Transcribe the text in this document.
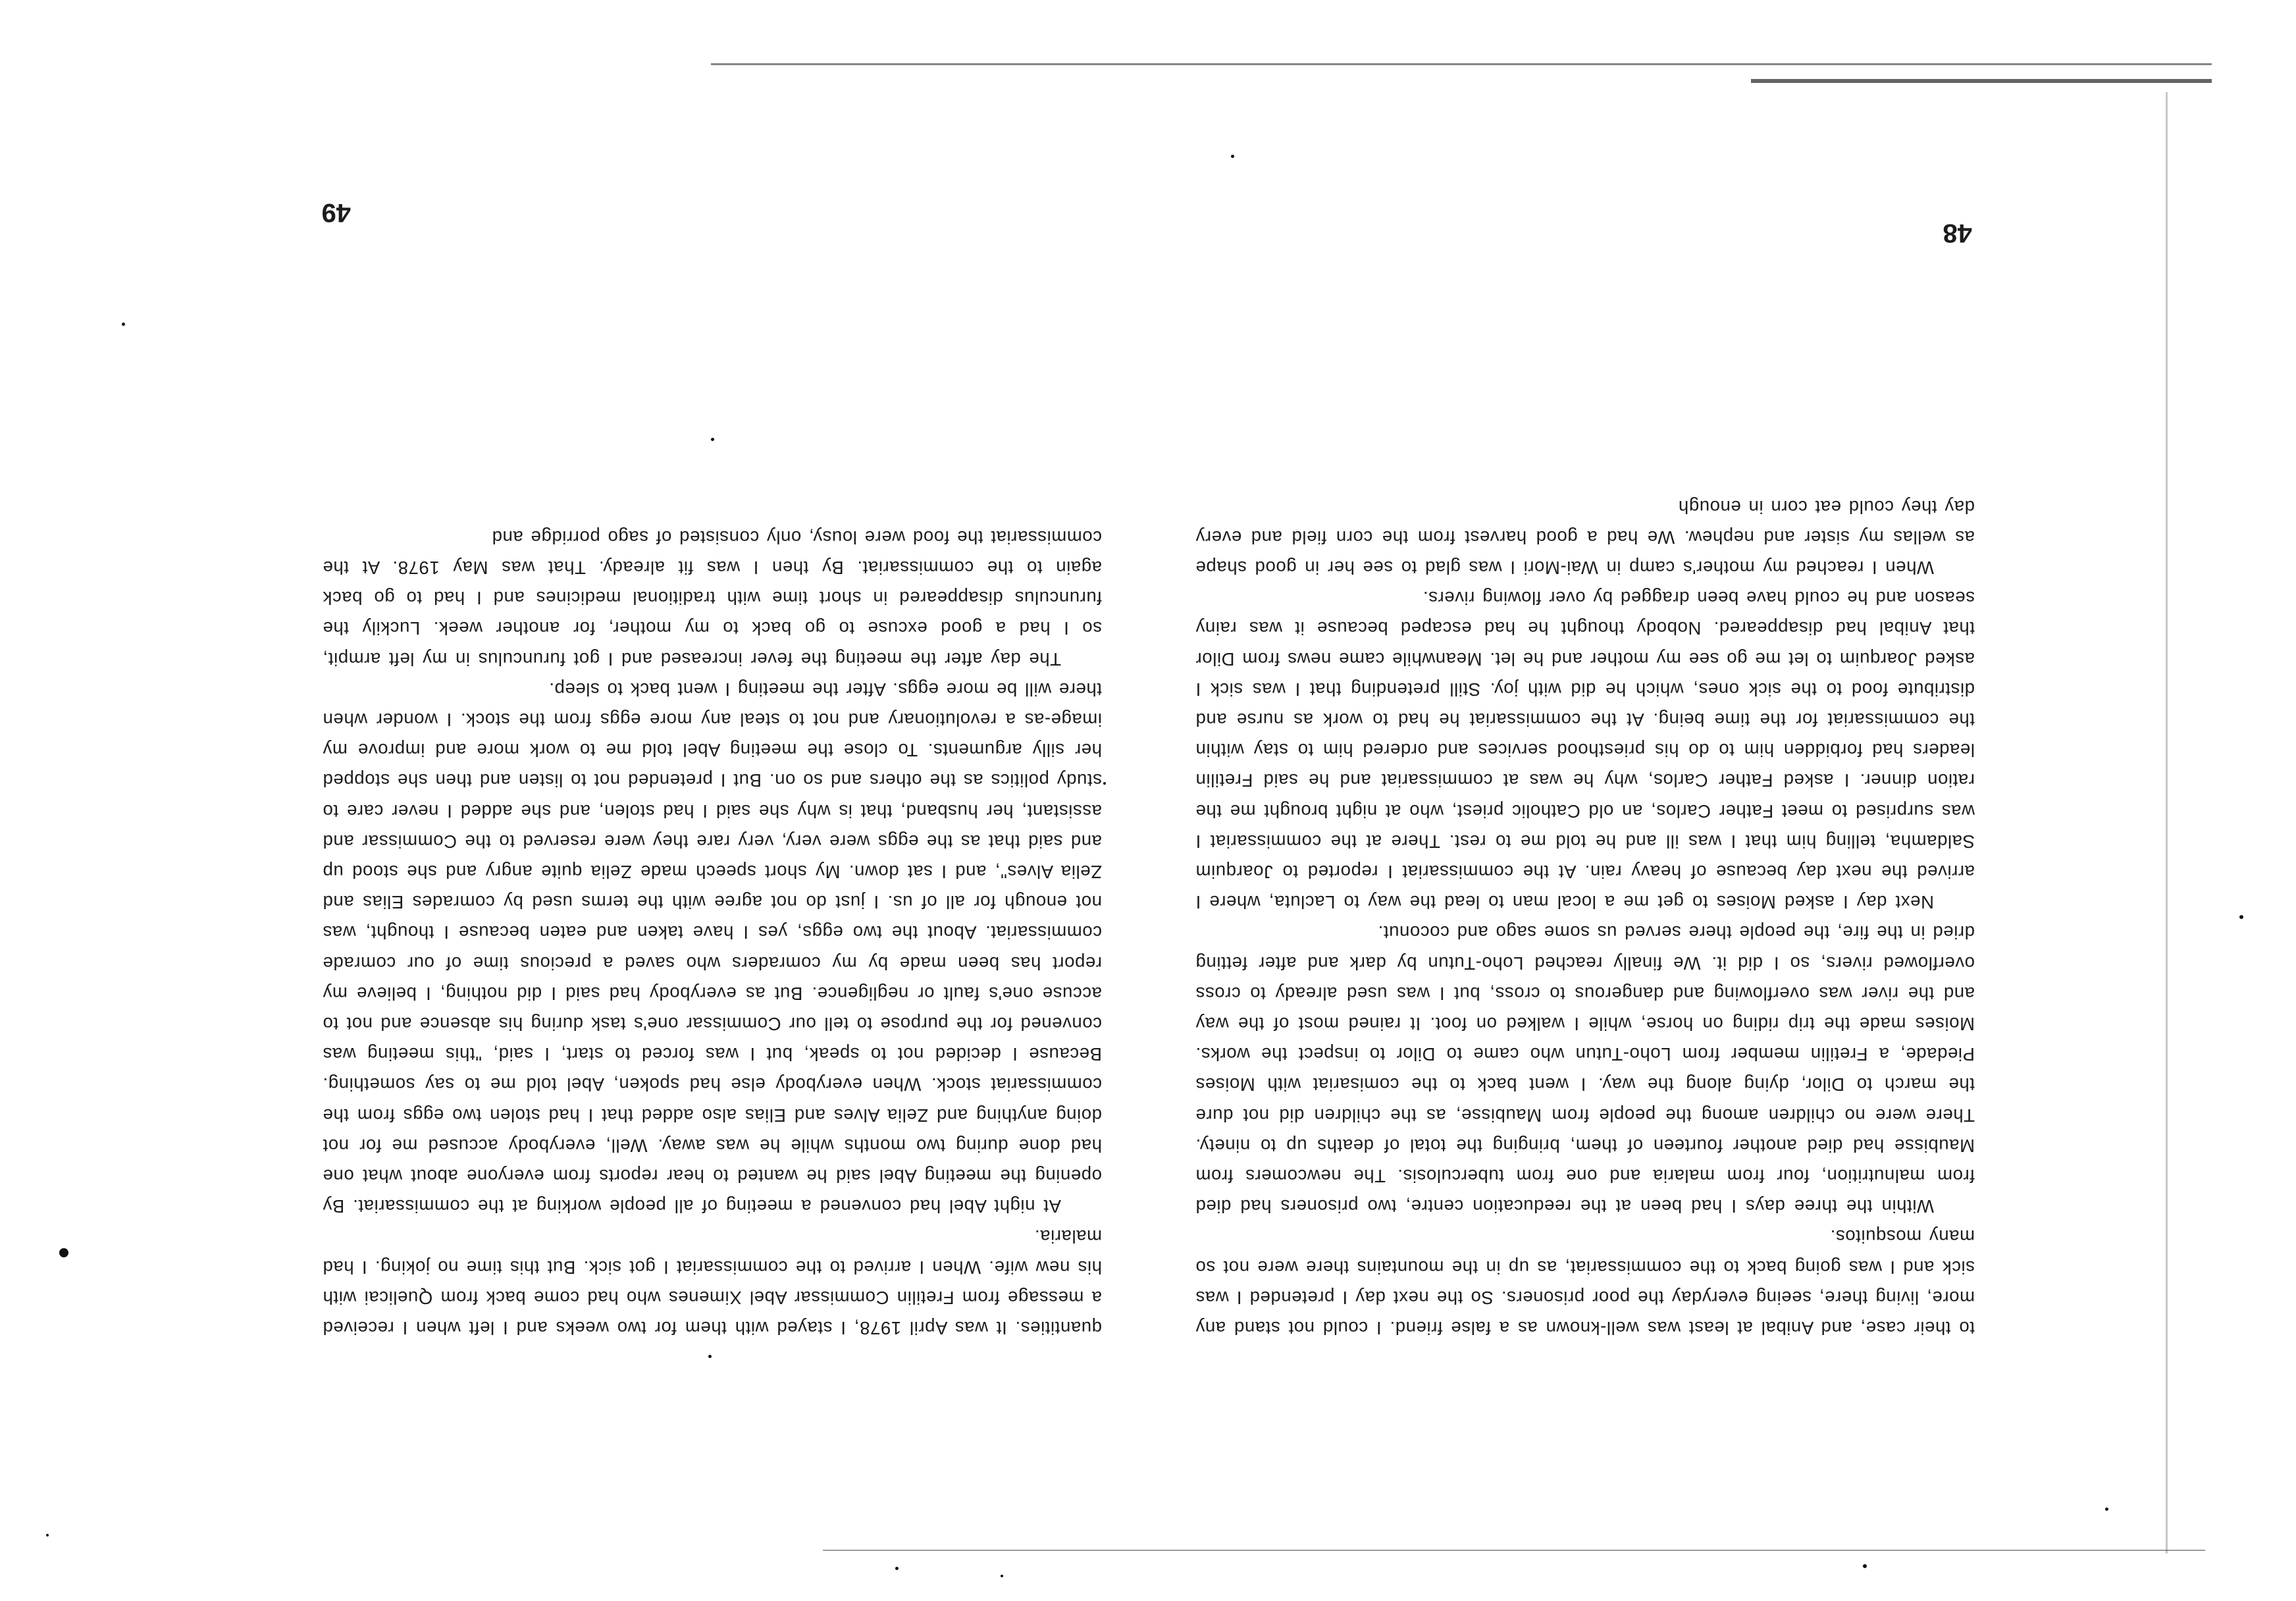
to their case, and Anibal at least was well-known as a false friend. I could not stand any more, living there, seeing everyday the poor prisoners. So the next day I pretended I was sick and I was going back to the commissariat, as up in the mountains there were not so many mosquitos.

Within the three days I had been at the reeducation centre, two prisoners had died from malnutrition, four from malaria and one from tuberculosis. The newcomers from Maubisse had died another fourteen of them, bringing the total of deaths up to ninety. There were no children among the people from Maubisse, as the children did not dure the march to Dilor, dying along the way. I went back to the comisariat with Moises Piedade, a Fretilin member from Loho-Tutun who came to Dilor to inspect the works. Moises made the trip riding on horse, while I walked on foot. It rained most of the way and the river was overflowing and dangerous to cross, but I was used already to cross overflowed rivers, so I did it. We finally reached Loho-Tutun by dark and after fetting dried in the fire, the people there served us some sago and coconut.

Next day I asked Moises to get me a local man to lead the way to Lacluta, where I arrived the next day because of heavy rain. At the commissariat I reported to Joarquim Saldamha, telling him that I was ill and he told me to rest. There at the commissariat I was surprised to meet Father Carlos, an old Catholic priest, who at night brought me the ration dinner. I asked Father Carlos, why he was at commissariat and he said Fretilin leaders had forbidden him to do his priesthood services and ordered him to stay within the commissariat for the time being. At the commissariat he had to work as nurse and distribute food to the sick ones, which he did with joy. Still pretending that I was sick I asked Joarquim to let me go see my mother and he let. Meanwhile came news from Dilor that Anibal had disappeared. Nobody thought he had escaped because it was rainy season and he could have been dragged by over flowing rivers.

When I reached my mother's camp in Wai-Mori I was glad to see her in good shape as wellas my sister and nephew. We had a good harvest from the corn field and every day they could eat corn in enough

48

quantities. It was April 1978, I stayed with them for two weeks and I left when I received a message from Fretilin Commissar Abel Ximenes who had come back from Quelicai with his new wife. When I arrived to the commissariat I got sick. But this time no joking. I had malaria.

At night Abel had convened a meeting of all people working at the commissariat. By opening the meeting Abel said he wanted to hear reports from everyone about what one had done during two months while he was away. Well, everybody accused me for not doing anything and Zelia Alves and Elias also added that I had stolen two eggs from the commissariat stock. When everybody else had spoken, Abel told me to say something. Because I decided not to speak, but I was forced to start, I said, "this meeting was convened for the purpose to tell our Commissar one's task during his absence and not to accuse one's fault or negligence. But as everybody had said I did nothing, I believe my report has been made by my comraders who saved a precious time of our comrade commissariat. About the two eggs, yes I have taken and eaten because I thought, was not enough for all of us. I just do not agree with the terms used by comrades Elias and Zelia Alves", and I sat down. My short speech made Zelia quite angry and she stood up and said that as the eggs were very, very rare they were reserved to the Commissar and assistant, her husband, that is why she said I had stolen, and she added I never care to study politics as the others and so on. But I pretended not to listen and then she stopped her silly arguments. To close the meeting Abel told me to work more and improve my image-as a revolutionary and not to steal any more eggs from the stock. I wonder when there will be more eggs. After the meeting I went back to sleep.

The day after the meeting the fever increased and I got furunculus in my left armpit, so I had a good excuse to go back to my mother, for another week. Luckily the furunculus disappeared in short time with traditional medicines and I had to go back again to the commissariat. By then I was fit already. That was May 1978. At the commissariat the food were lousy, only consisted of sago porridge and

49
